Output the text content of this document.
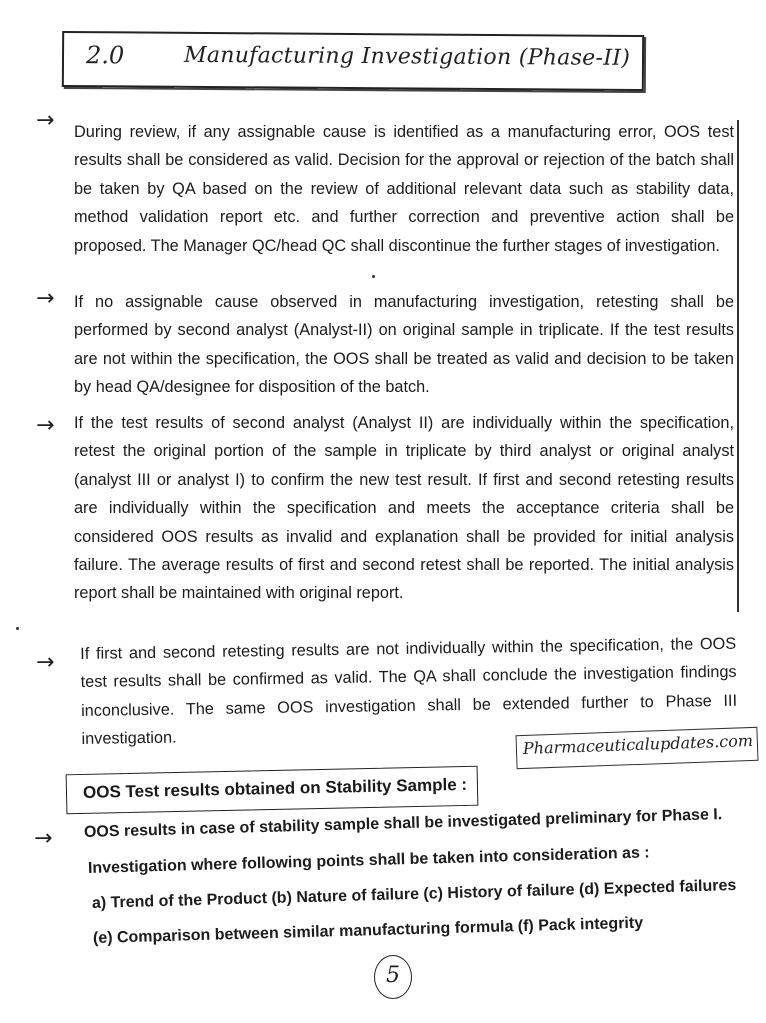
2.0	Manufacturing Investigation (Phase-II)
→ During review, if any assignable cause is identified as a manufacturing error, OOS test results shall be considered as valid. Decision for the approval or rejection of the batch shall be taken by QA based on the review of additional relevant data such as stability data, method validation report etc. and further correction and preventive action shall be proposed. The Manager QC/head QC shall discontinue the further stages of investigation.
→ If no assignable cause observed in manufacturing investigation, retesting shall be performed by second analyst (Analyst-II) on original sample in triplicate. If the test results are not within the specification, the OOS shall be treated as valid and decision to be taken by head QA/designee for disposition of the batch.
→ If the test results of second analyst (Analyst II) are individually within the specification, retest the original portion of the sample in triplicate by third analyst or original analyst (analyst III or analyst I) to confirm the new test result. If first and second retesting results are individually within the specification and meets the acceptance criteria shall be considered OOS results as invalid and explanation shall be provided for initial analysis failure. The average results of first and second retest shall be reported. The initial analysis report shall be maintained with original report.
→ If first and second retesting results are not individually within the specification, the OOS test results shall be confirmed as valid. The QA shall conclude the investigation findings inconclusive. The same OOS investigation shall be extended further to Phase III investigation.	Pharmaceuticalupdates.com
OOS Test results obtained on Stability Sample :
→ OOS results in case of stability sample shall be investigated preliminary for Phase I.
Investigation where following points shall be taken into consideration as :
a) Trend of the Product (b) Nature of failure (c) History of failure (d) Expected failures
(e) Comparison between similar manufacturing formula (f) Pack integrity
5
